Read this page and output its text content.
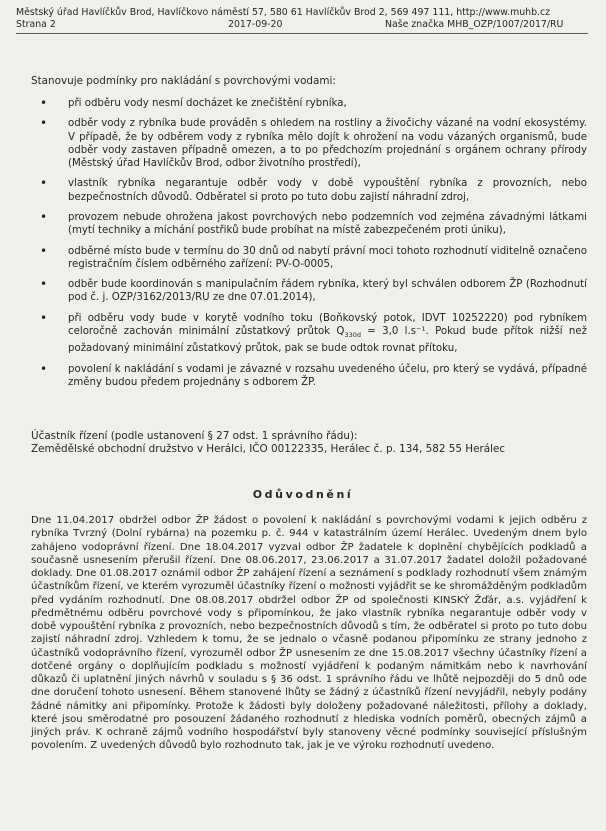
Městský úřad Havlíčkův Brod, Havlíčkovo náměstí 57, 580 61 Havlíčkův Brod 2, 569 497 111, http://www.muhb.cz
Strana 2	2017-09-20	Naše značka MHB_OZP/1007/2017/RU
Stanovuje podmínky pro nakládání s povrchovými vodami:
• při odběru vody nesmí docházet ke znečištění rybníka,
• odběr vody z rybníka bude prováděn s ohledem na rostliny a živočichy vázané na vodní ekosystémy. V případě, že by odběrem vody z rybníka mělo dojít k ohrožení na vodu vázaných organismů, bude odběr vody zastaven případně omezen, a to po předchozím projednání s orgánem ochrany přírody (Městský úřad Havlíčkův Brod, odbor životního prostředí),
• vlastník rybníka negarantuje odběr vody v době vypouštění rybníka z provozních, nebo bezpečnostních důvodů. Odběratel si proto po tuto dobu zajistí náhradní zdroj,
• provozem nebude ohrožena jakost povrchových nebo podzemních vod zejména závadnými látkami (mytí techniky a míchání postřiků bude probíhat na místě zabezpečeném proti úniku),
• odběrné místo bude v termínu do 30 dnů od nabytí právní moci tohoto rozhodnutí viditelně označeno registračním číslem odběrného zařízení: PV-O-0005,
• odběr bude koordinován s manipulačním řádem rybníka, který byl schválen odborem ŽP (Rozhodnutí pod č. j. OZP/3162/2013/RU ze dne 07.01.2014),
• při odběru vody bude v korytě vodního toku (Boňkovský potok, IDVT 10252220) pod rybníkem celoročně zachován minimální zůstatkový průtok $Q_{330d} = 3,0$ l.s⁻¹. Pokud bude přítok nižší než požadovaný minimální zůstatkový průtok, pak se bude odtok rovnat přítoku,
• povolení k nakládání s vodami je závazné v rozsahu uvedeného účelu, pro který se vydává, případné změny budou předem projednány s odborem ŽP.
Účastník řízení (podle ustanovení § 27 odst. 1 správního řádu):
Zemědělské obchodní družstvo v Herálci, IČO 00122335, Herálec č. p. 134, 582 55 Herálec
Odůvodnění
Dne 11.04.2017 obdržel odbor ŽP žádost o povolení k nakládání s povrchovými vodami k jejich odběru z rybníka Tvrzný (Dolní rybárna) na pozemku p. č. 944 v katastrálním území Herálec. Uvedeným dnem bylo zahájeno vodoprávní řízení. Dne 18.04.2017 vyzval odbor ŽP žadatele k doplnění chybějících podkladů a současně usnesením přerušil řízení. Dne 08.06.2017, 23.06.2017 a 31.07.2017 žadatel doložil požadované doklady. Dne 01.08.2017 oznámil odbor ŽP zahájení řízení a seznámení s podklady rozhodnutí všem známým účastníkům řízení, ve kterém vyrozuměl účastníky řízení o možnosti vyjádřit se ke shromážděným podkladům před vydáním rozhodnutí. Dne 08.08.2017 obdržel odbor ŽP od společnosti KINSKÝ Žďár, a.s. vyjádření k předmětnému odběru povrchové vody s připomínkou, že jako vlastník rybníka negarantuje odběr vody v době vypouštění rybníka z provozních, nebo bezpečnostních důvodů s tím, že odběratel si proto po tuto dobu zajistí náhradní zdroj. Vzhledem k tomu, že se jednalo o včasně podanou připomínku ze strany jednoho z účastníků vodoprávního řízení, vyrozuměl odbor ŽP usnesením ze dne 15.08.2017 všechny účastníky řízení a dotčené orgány o doplňujícím podkladu s možností vyjádření k podaným námitkám nebo k navrhování důkazů či uplatnění jiných návrhů v souladu s § 36 odst. 1 správního řádu ve lhůtě nejpozději do 5 dnů ode dne doručení tohoto usnesení. Během stanovené lhůty se žádný z účastníků řízení nevyjádřil, nebyly podány žádné námitky ani připomínky. Protože k žádosti byly doloženy požadované náležitosti, přílohy a doklady, které jsou směrodatné pro posouzení žádaného rozhodnutí z hlediska vodních poměrů, obecných zájmů a jiných práv. K ochraně zájmů vodního hospodářství byly stanoveny věcné podmínky související příslušným povolením. Z uvedených důvodů bylo rozhodnuto tak, jak je ve výroku rozhodnutí uvedeno.
